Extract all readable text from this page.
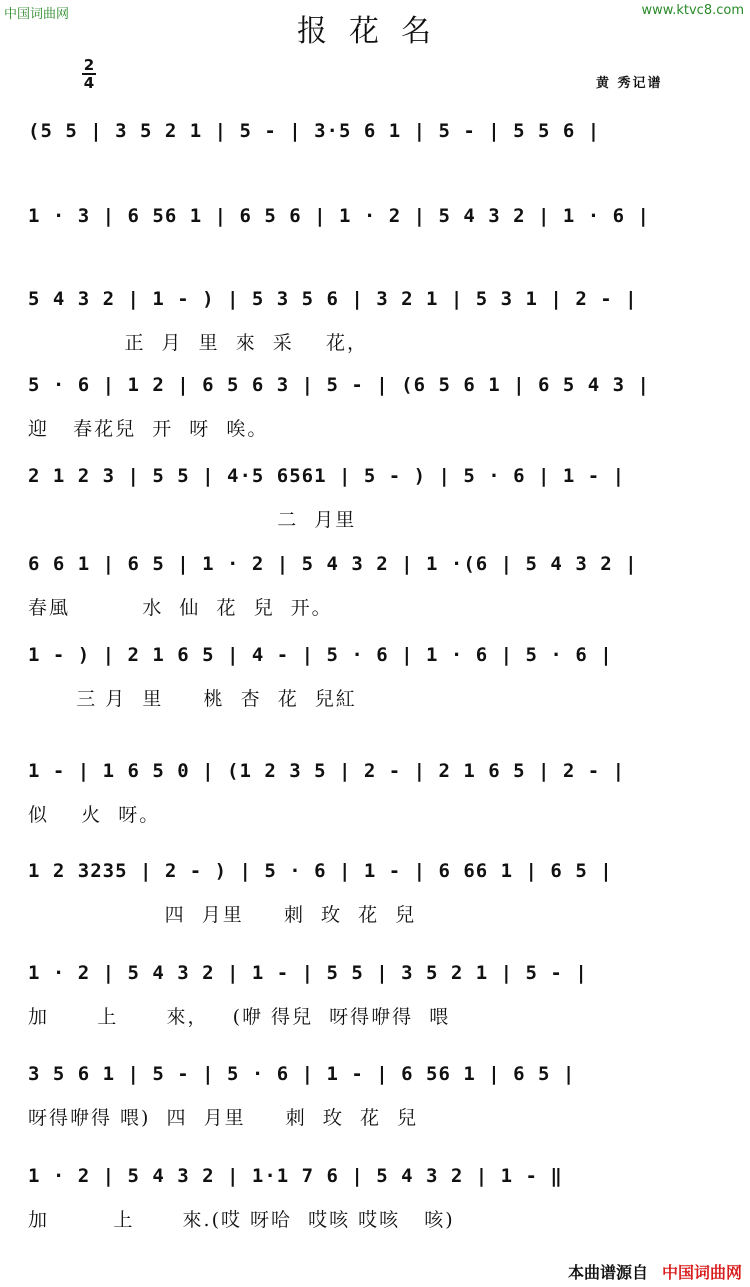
中国词曲网	www.ktvc8.com
报花名
2
4	黄 秀记谱
(5 5 | 3 5 2 1 | 5 - | 3·5 6 1 | 5 - | 5 5 6 |
1 · 3 | 6 56 1 | 6 5 6 | 1 · 2 | 5 4 3 2 | 1 · 6 |
5 4 3 2 | 1 - ) | 5 3 5 6 | 3 2 1 | 5 3 1 | 2 - |
正  月  里  來  采    花，
5 · 6 | 1 2 | 6 5 6 3 | 5 - | (6 5 6 1 | 6 5 4 3 |
迎   春花兒  开  呀  唉。
2 1 2 3 | 5 5 | 4·5 6561 | 5 - ) | 5 · 6 | 1 - |
二  月里
6 6 1 | 6 5 | 1 · 2 | 5 4 3 2 | 1 ·(6 | 5 4 3 2 |
春風         水  仙  花  兒  开。
1 - ) | 2 1 6 5 | 4 - | 5 · 6 | 1 · 6 | 5 · 6 |
三 月  里     桃  杏  花  兒紅
1 - | 1 6 5 0 | (1 2 3 5 | 2 - | 2 1 6 5 | 2 - |
似    火  呀。
1 2 3235 | 2 - ) | 5 · 6 | 1 - | 6 66 1 | 6 5 |
四  月里     刺  玫  花  兒
1 · 2 | 5 4 3 2 | 1 - | 5 5 | 3 5 2 1 | 5 - |
加      上      來，   (咿 得兒  呀得咿得  喂
3 5 6 1 | 5 - | 5 · 6 | 1 - | 6 56 1 | 6 5 |
呀得咿得 喂)  四  月里     刺  玫  花  兒
1 · 2 | 5 4 3 2 | 1·1 7 6 | 5 4 3 2 | 1 - ‖
加        上      來.(哎 呀哈  哎咳 哎咳   咳)
本曲谱源自 中国词曲网
